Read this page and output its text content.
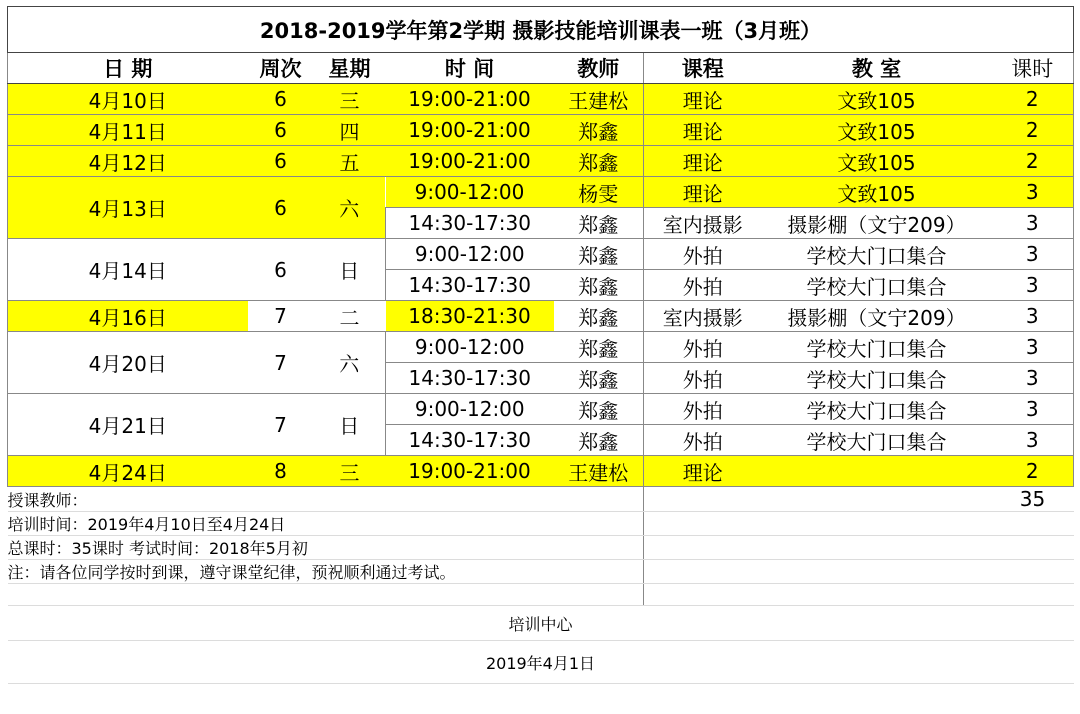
2018-2019学年第2学期 摄影技能培训课表一班（3月班）							
日 期	周次	星期	时 间	教师	课程	教 室	课时
4月10日	6	三	19:00-21:00	王建松	理论	文致105	2
4月11日	6	四	19:00-21:00	郑鑫	理论	文致105	2
4月12日	6	五	19:00-21:00	郑鑫	理论	文致105	2
4月13日	6	六	9:00-12:00	杨雯	理论	文致105	3
			14:30-17:30	郑鑫	室内摄影	摄影棚（文宁209）	3
4月14日	6	日	9:00-12:00	郑鑫	外拍	学校大门口集合	3
			14:30-17:30	郑鑫	外拍	学校大门口集合	3
4月16日	7	二	18:30-21:30	郑鑫	室内摄影	摄影棚（文宁209）	3
4月20日	7	六	9:00-12:00	郑鑫	外拍	学校大门口集合	3
			14:30-17:30	郑鑫	外拍	学校大门口集合	3
4月21日	7	日	9:00-12:00	郑鑫	外拍	学校大门口集合	3
			14:30-17:30	郑鑫	外拍	学校大门口集合	3
4月24日	8	三	19:00-21:00	王建松	理论		2
授课教师：							35
培训时间：2019年4月10日至4月24日							
总课时：35课时 考试时间：2018年5月初							
注：请各位同学按时到课，遵守课堂纪律，预祝顺利通过考试。							

培训中心							
2019年4月1日							
